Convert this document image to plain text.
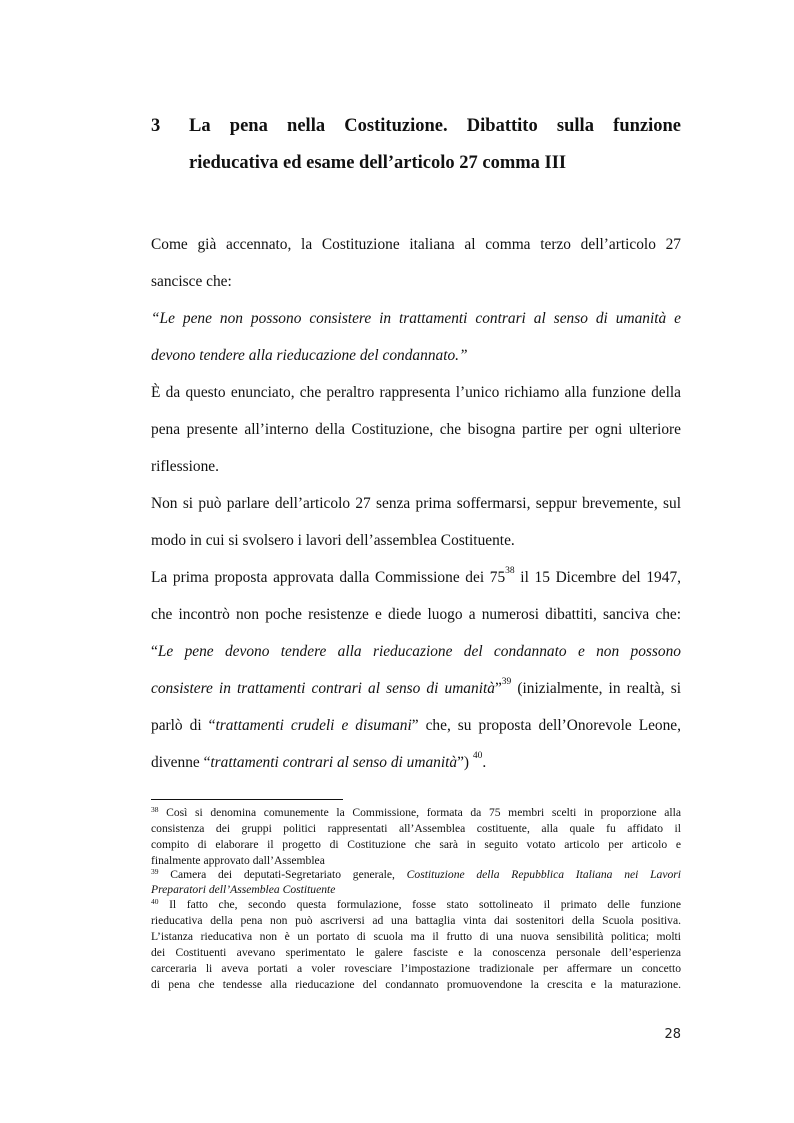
3 La pena nella Costituzione. Dibattito sulla funzione
rieducativa ed esame dell’articolo 27 comma III
Come già accennato, la Costituzione italiana al comma terzo dell’articolo 27
sancisce che:
“Le pene non possono consistere in trattamenti contrari al senso di umanità e
devono tendere alla rieducazione del condannato.”
È da questo enunciato, che peraltro rappresenta l’unico richiamo alla funzione della
pena presente all’interno della Costituzione, che bisogna partire per ogni ulteriore
riflessione.
Non si può parlare dell’articolo 27 senza prima soffermarsi, seppur brevemente, sul
modo in cui si svolsero i lavori dell’assemblea Costituente.
La prima proposta approvata dalla Commissione dei $75^{38}$ il 15 Dicembre del 1947,
che incontrò non poche resistenze e diede luogo a numerosi dibattiti, sanciva che:
“Le pene devono tendere alla rieducazione del condannato e non possono
consistere in trattamenti contrari al senso di umanità”$^{39}$ (inizialmente, in realtà, si
parlò di “trattamenti crudeli e disumani” che, su proposta dell’Onorevole Leone,
divenne “trattamenti contrari al senso di umanità”) $^{40}$.
$^{38}$ Così si denomina comunemente la Commissione, formata da 75 membri scelti in proporzione alla
consistenza dei gruppi politici rappresentati all’Assemblea costituente, alla quale fu affidato il
compito di elaborare il progetto di Costituzione che sarà in seguito votato articolo per articolo e
finalmente approvato dall’Assemblea
$^{39}$ Camera dei deputati-Segretariato generale, Costituzione della Repubblica Italiana nei Lavori
Preparatori dell’Assemblea Costituente
$^{40}$ Il fatto che, secondo questa formulazione, fosse stato sottolineato il primato delle funzione
rieducativa della pena non può ascriversi ad una battaglia vinta dai sostenitori della Scuola positiva.
L’istanza rieducativa non è un portato di scuola ma il frutto di una nuova sensibilità politica; molti
dei Costituenti avevano sperimentato le galere fasciste e la conoscenza personale dell’esperienza
carceraria li aveva portati a voler rovesciare l’impostazione tradizionale per affermare un concetto
di pena che tendesse alla rieducazione del condannato promuovendone la crescita e la maturazione.
28
